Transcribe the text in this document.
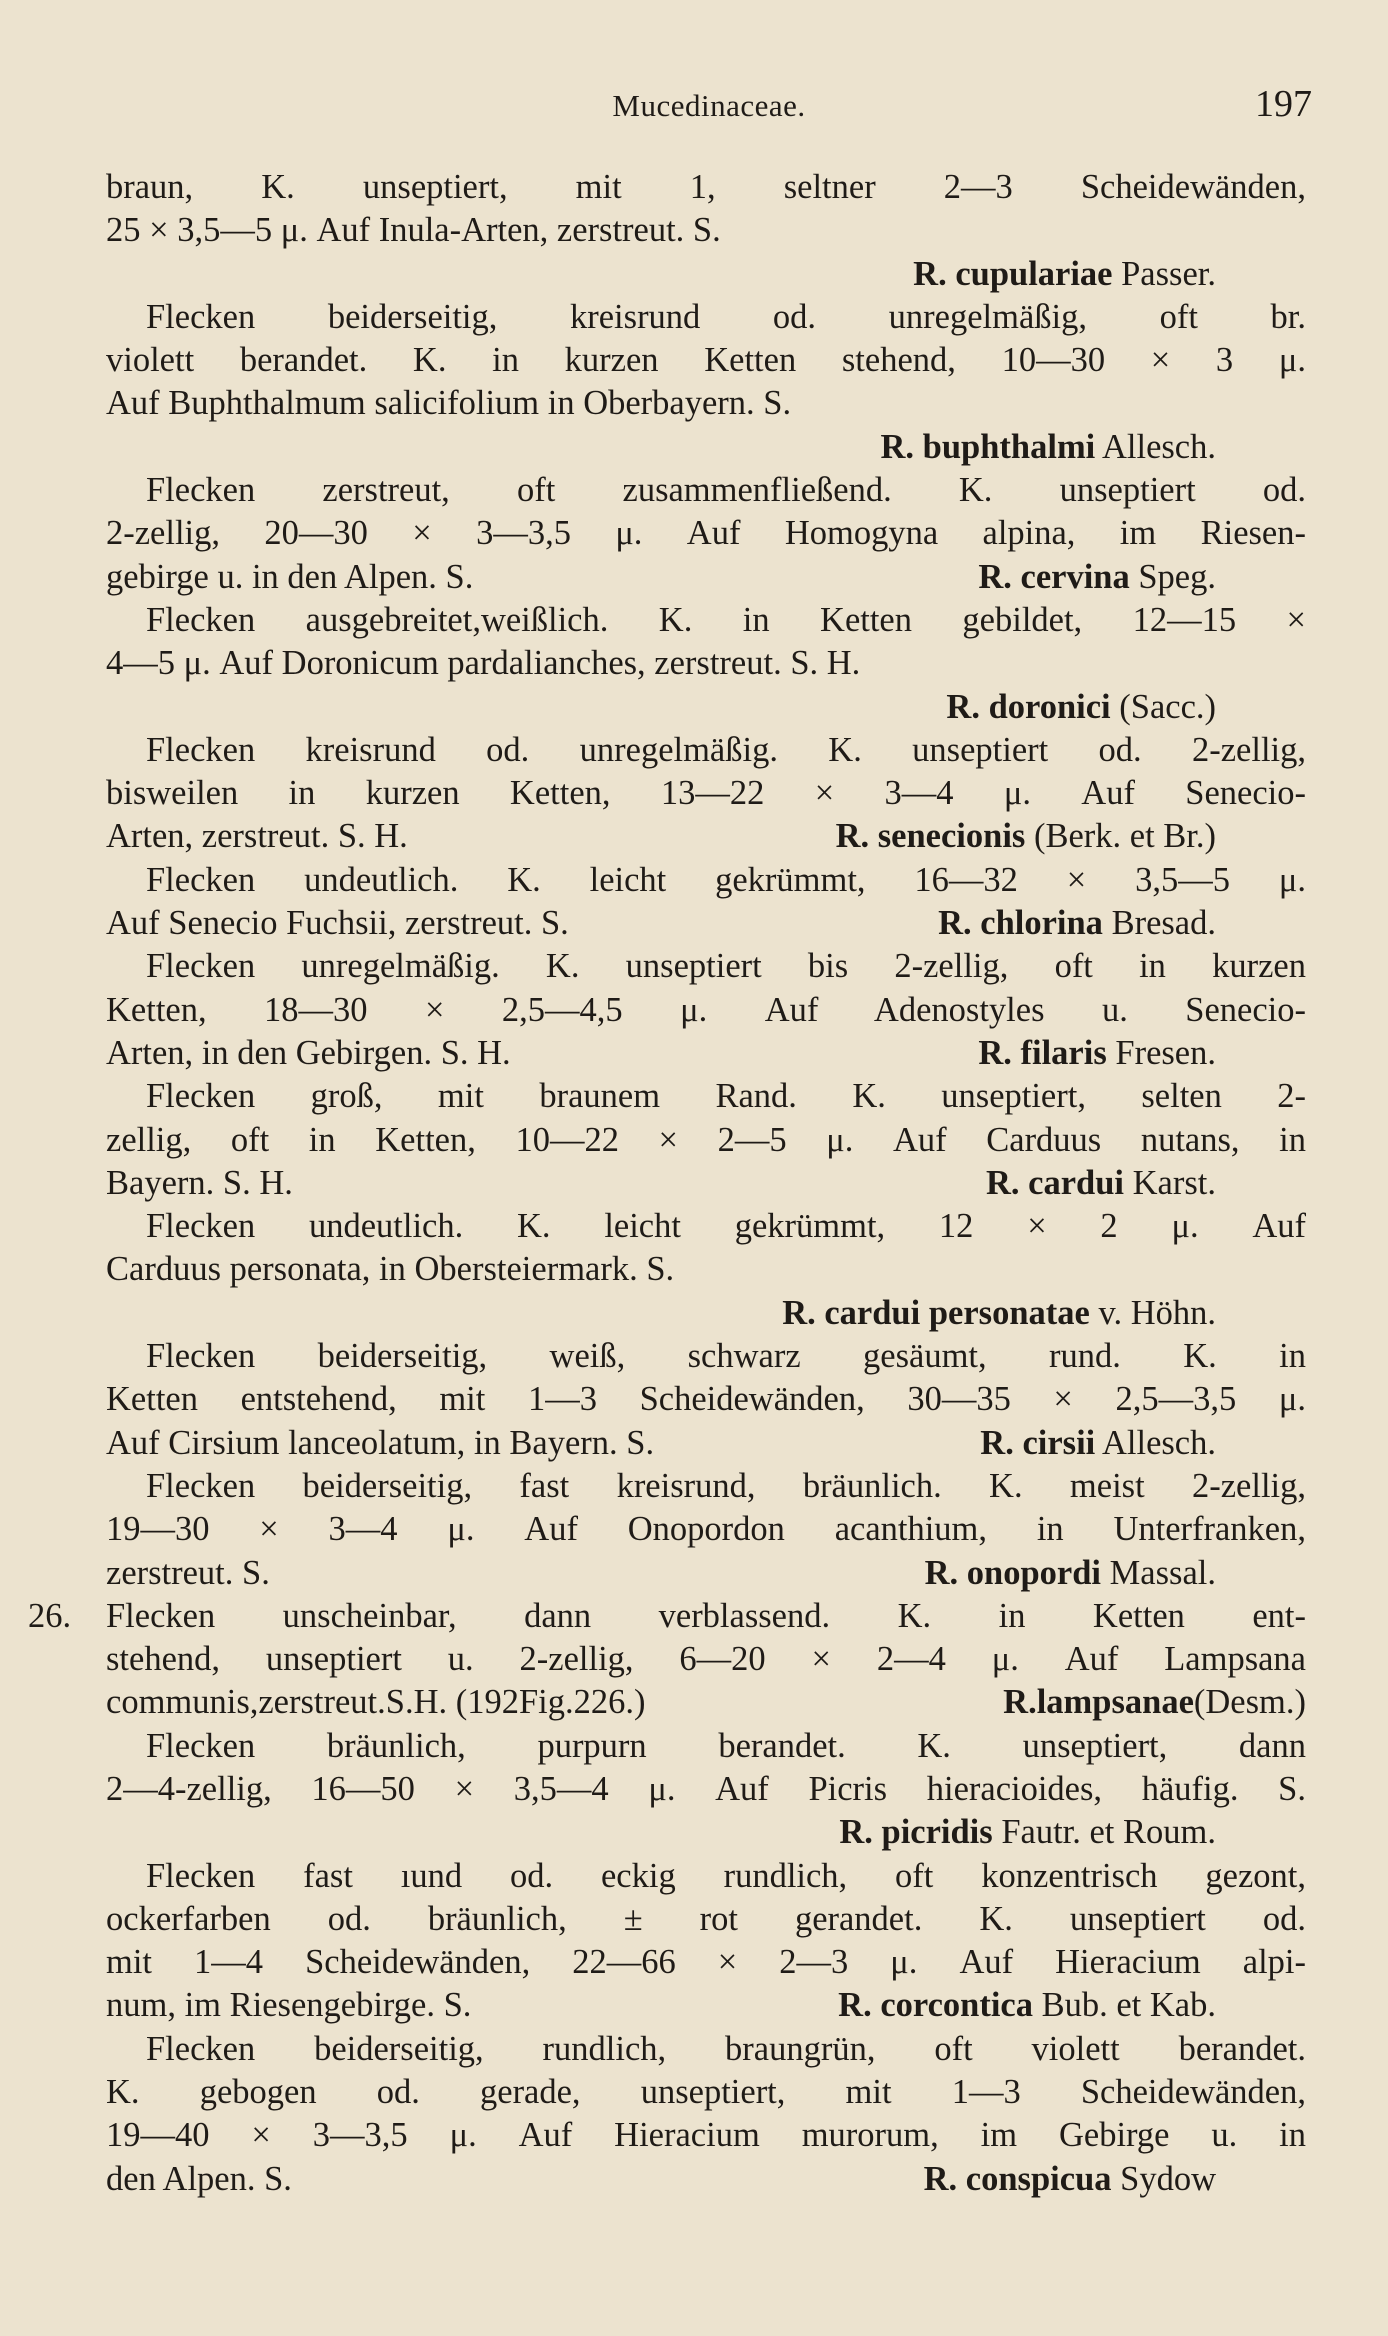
Mucedinaceae.	197
braun, K. unseptiert, mit 1, seltner 2—3 Scheidewänden,
25 × 3,5—5 μ. Auf Inula-Arten, zerstreut. S.
R. cupulariae Passer.
Flecken beiderseitig, kreisrund od. unregelmäßig, oft br.
violett berandet. K. in kurzen Ketten stehend, 10—30 × 3 μ.
Auf Buphthalmum salicifolium in Oberbayern. S.
R. buphthalmi Allesch.
Flecken zerstreut, oft zusammenfließend. K. unseptiert od.
2-zellig, 20—30 × 3—3,5 μ. Auf Homogyna alpina, im Riesen-
gebirge u. in den Alpen. S.	R. cervina Speg.
Flecken ausgebreitet,weißlich. K. in Ketten gebildet, 12—15 ×
4—5 μ. Auf Doronicum pardalianches, zerstreut. S. H.
R. doronici (Sacc.)
Flecken kreisrund od. unregelmäßig. K. unseptiert od. 2-zellig,
bisweilen in kurzen Ketten, 13—22 × 3—4 μ. Auf Senecio-
Arten, zerstreut. S. H.	R. senecionis (Berk. et Br.)
Flecken undeutlich. K. leicht gekrümmt, 16—32 × 3,5—5 μ.
Auf Senecio Fuchsii, zerstreut. S.	R. chlorina Bresad.
Flecken unregelmäßig. K. unseptiert bis 2-zellig, oft in kurzen
Ketten, 18—30 × 2,5—4,5 μ. Auf Adenostyles u. Senecio-
Arten, in den Gebirgen. S. H.	R. filaris Fresen.
Flecken groß, mit braunem Rand. K. unseptiert, selten 2-
zellig, oft in Ketten, 10—22 × 2—5 μ. Auf Carduus nutans, in
Bayern. S. H.	R. cardui Karst.
Flecken undeutlich. K. leicht gekrümmt, 12 × 2 μ. Auf
Carduus personata, in Obersteiermark. S.
R. cardui personatae v. Höhn.
Flecken beiderseitig, weiß, schwarz gesäumt, rund. K. in
Ketten entstehend, mit 1—3 Scheidewänden, 30—35 × 2,5—3,5 μ.
Auf Cirsium lanceolatum, in Bayern. S.	R. cirsii Allesch.
Flecken beiderseitig, fast kreisrund, bräunlich. K. meist 2-zellig,
19—30 × 3—4 μ. Auf Onopordon acanthium, in Unterfranken,
zerstreut. S.	R. onopordi Massal.
26. Flecken unscheinbar, dann verblassend. K. in Ketten ent-
stehend, unseptiert u. 2-zellig, 6—20 × 2—4 μ. Auf Lampsana
communis,zerstreut.S.H. (192Fig.226.)	R.lampsanae(Desm.)
Flecken bräunlich, purpurn berandet. K. unseptiert, dann
2—4-zellig, 16—50 × 3,5—4 μ. Auf Picris hieracioides, häufig. S.
R. picridis Fautr. et Roum.
Flecken fast ıund od. eckig rundlich, oft konzentrisch gezont,
ockerfarben od. bräunlich, ± rot gerandet. K. unseptiert od.
mit 1—4 Scheidewänden, 22—66 × 2—3 μ. Auf Hieracium alpi-
num, im Riesengebirge. S.	R. corcontica Bub. et Kab.
Flecken beiderseitig, rundlich, braungrün, oft violett berandet.
K. gebogen od. gerade, unseptiert, mit 1—3 Scheidewänden,
19—40 × 3—3,5 μ. Auf Hieracium murorum, im Gebirge u. in
den Alpen. S.	R. conspicua Sydow
